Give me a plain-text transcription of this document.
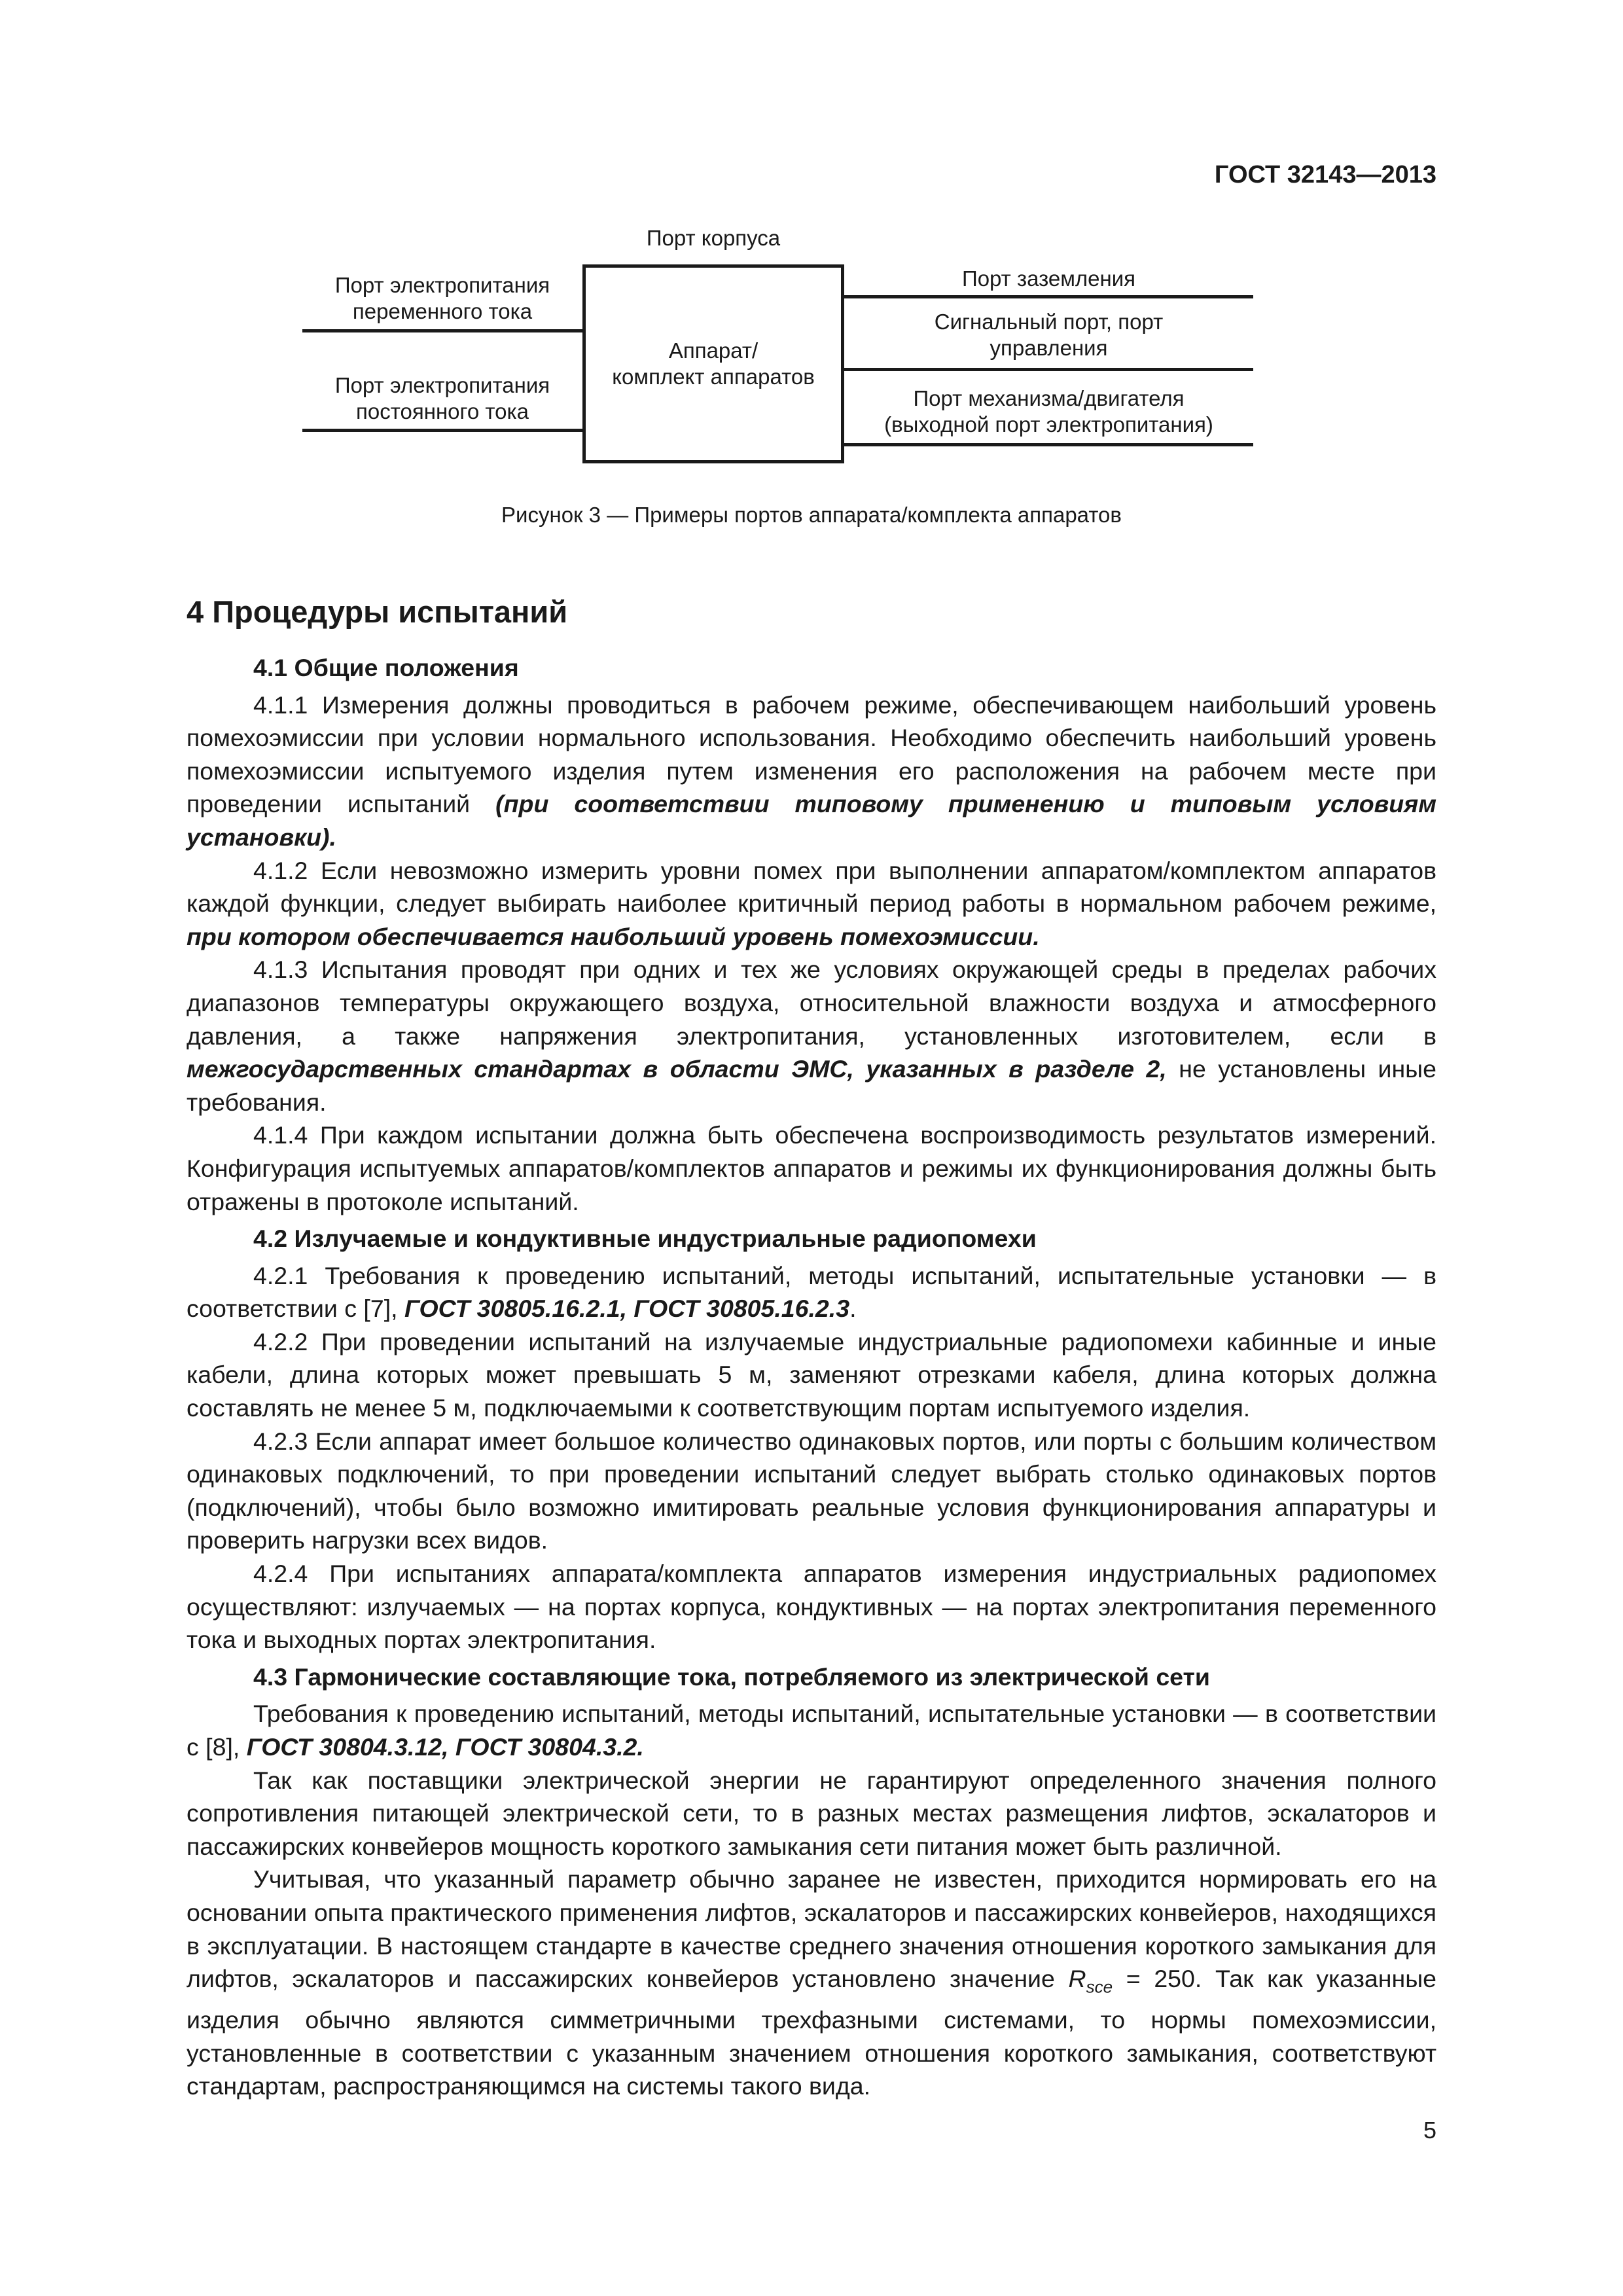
ГОСТ 32143—2013
Порт корпуса
Аппарат/
комплект аппаратов
Порт электропитания
переменного тока
Порт электропитания
постоянного тока
Порт заземления
Сигнальный порт, порт
управления
Порт механизма/двигателя
(выходной порт электропитания)
Рисунок 3 — Примеры портов аппарата/комплекта аппаратов
4 Процедуры испытаний
4.1 Общие положения

4.1.1 Измерения должны проводиться в рабочем режиме, обеспечивающем наибольший уровень помехоэмиссии при условии нормального использования. Необходимо обеспечить наибольший уровень помехоэмиссии испытуемого изделия путем изменения его расположения на рабочем месте при проведении испытаний (при соответствии типовому применению и типовым условиям установки).

4.1.2 Если невозможно измерить уровни помех при выполнении аппаратом/комплектом аппаратов каждой функции, следует выбирать наиболее критичный период работы в нормальном рабочем режиме, при котором обеспечивается наибольший уровень помехоэмиссии.

4.1.3 Испытания проводят при одних и тех же условиях окружающей среды в пределах рабочих диапазонов температуры окружающего воздуха, относительной влажности воздуха и атмосферного давления, а также напряжения электропитания, установленных изготовителем, если в межгосударственных стандартах в области ЭМС, указанных в разделе 2, не установлены иные требования.

4.1.4 При каждом испытании должна быть обеспечена воспроизводимость результатов измерений. Конфигурация испытуемых аппаратов/комплектов аппаратов и режимы их функционирования должны быть отражены в протоколе испытаний.

4.2 Излучаемые и кондуктивные индустриальные радиопомехи

4.2.1 Требования к проведению испытаний, методы испытаний, испытательные установки — в соответствии с [7], ГОСТ 30805.16.2.1, ГОСТ 30805.16.2.3.

4.2.2 При проведении испытаний на излучаемые индустриальные радиопомехи кабинные и иные кабели, длина которых может превышать 5 м, заменяют отрезками кабеля, длина которых должна составлять не менее 5 м, подключаемыми к соответствующим портам испытуемого изделия.

4.2.3 Если аппарат имеет большое количество одинаковых портов, или порты с большим количеством одинаковых подключений, то при проведении испытаний следует выбрать столько одинаковых портов (подключений), чтобы было возможно имитировать реальные условия функционирования аппаратуры и проверить нагрузки всех видов.

4.2.4 При испытаниях аппарата/комплекта аппаратов измерения индустриальных радиопомех осуществляют: излучаемых — на портах корпуса, кондуктивных — на портах электропитания переменного тока и выходных портах электропитания.

4.3 Гармонические составляющие тока, потребляемого из электрической сети

Требования к проведению испытаний, методы испытаний, испытательные установки — в соответствии с [8], ГОСТ 30804.3.12, ГОСТ 30804.3.2.

Так как поставщики электрической энергии не гарантируют определенного значения полного сопротивления питающей электрической сети, то в разных местах размещения лифтов, эскалаторов и пассажирских конвейеров мощность короткого замыкания сети питания может быть различной.

Учитывая, что указанный параметр обычно заранее не известен, приходится нормировать его на основании опыта практического применения лифтов, эскалаторов и пассажирских конвейеров, находящихся в эксплуатации. В настоящем стандарте в качестве среднего значения отношения короткого замыкания для лифтов, эскалаторов и пассажирских конвейеров установлено значение $R_{sce} = 250$. Так как указанные изделия обычно являются симметричными трехфазными системами, то нормы помехоэмиссии, установленные в соответствии с указанным значением отношения короткого замыкания, соответствуют стандартам, распространяющимся на системы такого вида.

5
